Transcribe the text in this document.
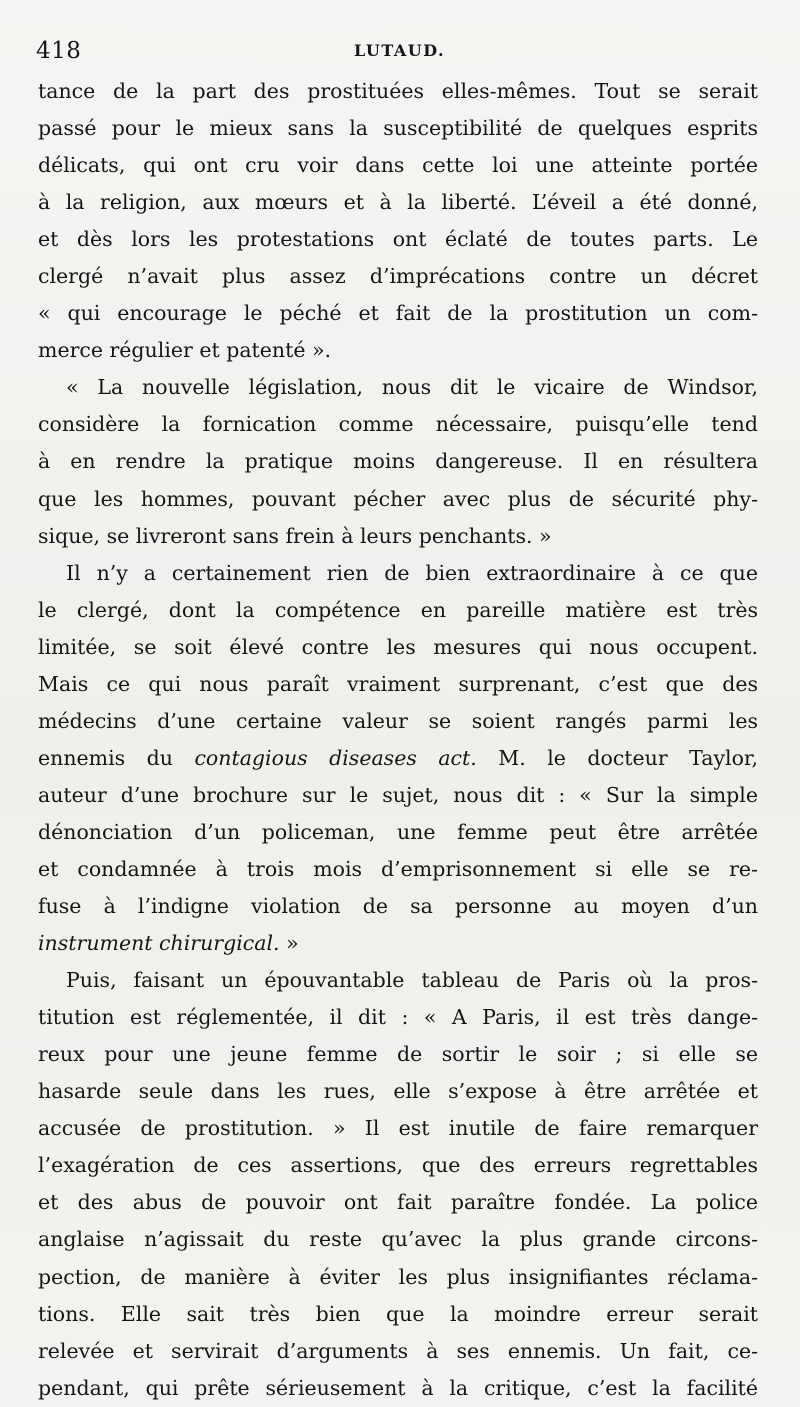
418	LUTAUD.
tance de la part des prostituées elles-mêmes. Tout se serait
passé pour le mieux sans la susceptibilité de quelques esprits
délicats, qui ont cru voir dans cette loi une atteinte portée
à la religion, aux mœurs et à la liberté. L’éveil a été donné,
et dès lors les protestations ont éclaté de toutes parts. Le
clergé n’avait plus assez d’imprécations contre un décret
« qui encourage le péché et fait de la prostitution un com-
merce régulier et patenté ».
« La nouvelle législation, nous dit le vicaire de Windsor,
considère la fornication comme nécessaire, puisqu’elle tend
à en rendre la pratique moins dangereuse. Il en résultera
que les hommes, pouvant pécher avec plus de sécurité phy-
sique, se livreront sans frein à leurs penchants. »
Il n’y a certainement rien de bien extraordinaire à ce que
le clergé, dont la compétence en pareille matière est très
limitée, se soit élevé contre les mesures qui nous occupent.
Mais ce qui nous paraît vraiment surprenant, c’est que des
médecins d’une certaine valeur se soient rangés parmi les
ennemis du contagious diseases act. M. le docteur Taylor,
auteur d’une brochure sur le sujet, nous dit : « Sur la simple
dénonciation d’un policeman, une femme peut être arrêtée
et condamnée à trois mois d’emprisonnement si elle se re-
fuse à l’indigne violation de sa personne au moyen d’un
instrument chirurgical. »
Puis, faisant un épouvantable tableau de Paris où la pros-
titution est réglementée, il dit : « A Paris, il est très dange-
reux pour une jeune femme de sortir le soir ; si elle se
hasarde seule dans les rues, elle s’expose à être arrêtée et
accusée de prostitution. » Il est inutile de faire remarquer
l’exagération de ces assertions, que des erreurs regrettables
et des abus de pouvoir ont fait paraître fondée. La police
anglaise n’agissait du reste qu’avec la plus grande circons-
pection, de manière à éviter les plus insignifiantes réclama-
tions. Elle sait très bien que la moindre erreur serait
relevée et servirait d’arguments à ses ennemis. Un fait, ce-
pendant, qui prête sérieusement à la critique, c’est la facilité
